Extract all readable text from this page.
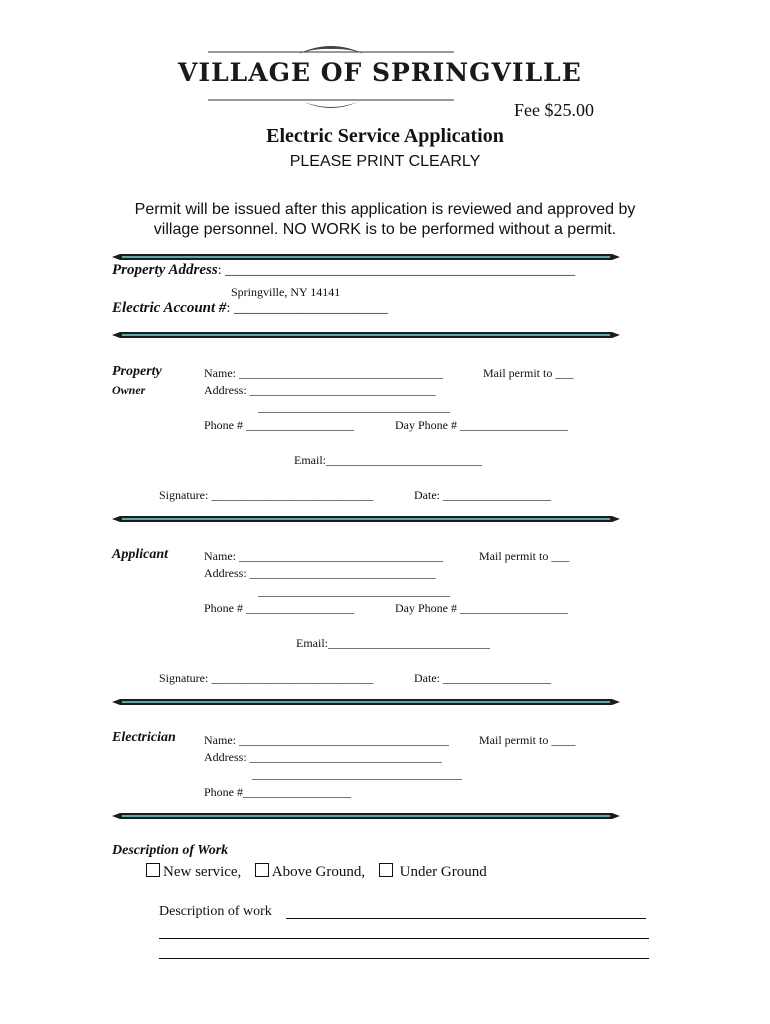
VILLAGE OF SPRINGVILLE
Fee $25.00
Electric Service Application
PLEASE PRINT CLEARLY
Permit will be issued after this application is reviewed and approved by
village personnel. NO WORK is to be performed without a permit.
Property Address: __________________________________________________
Springville, NY 14141
Electric Account #: ______________________
Property
Owner
Name: __________________________________	Mail permit to ___
Address: _______________________________
________________________________
Phone # __________________	Day Phone # __________________
Email:__________________________
Signature: ___________________________	Date: __________________
Applicant	Name: __________________________________	Mail permit to ___
Address: _______________________________
________________________________
Phone # __________________	Day Phone # __________________
Email:___________________________
Signature: ___________________________	Date: __________________
Electrician Name: ___________________________________	Mail permit to ____
Address: ________________________________
___________________________________
Phone #__________________
Description of Work
New service, Above Ground, Under Ground
Description of work
